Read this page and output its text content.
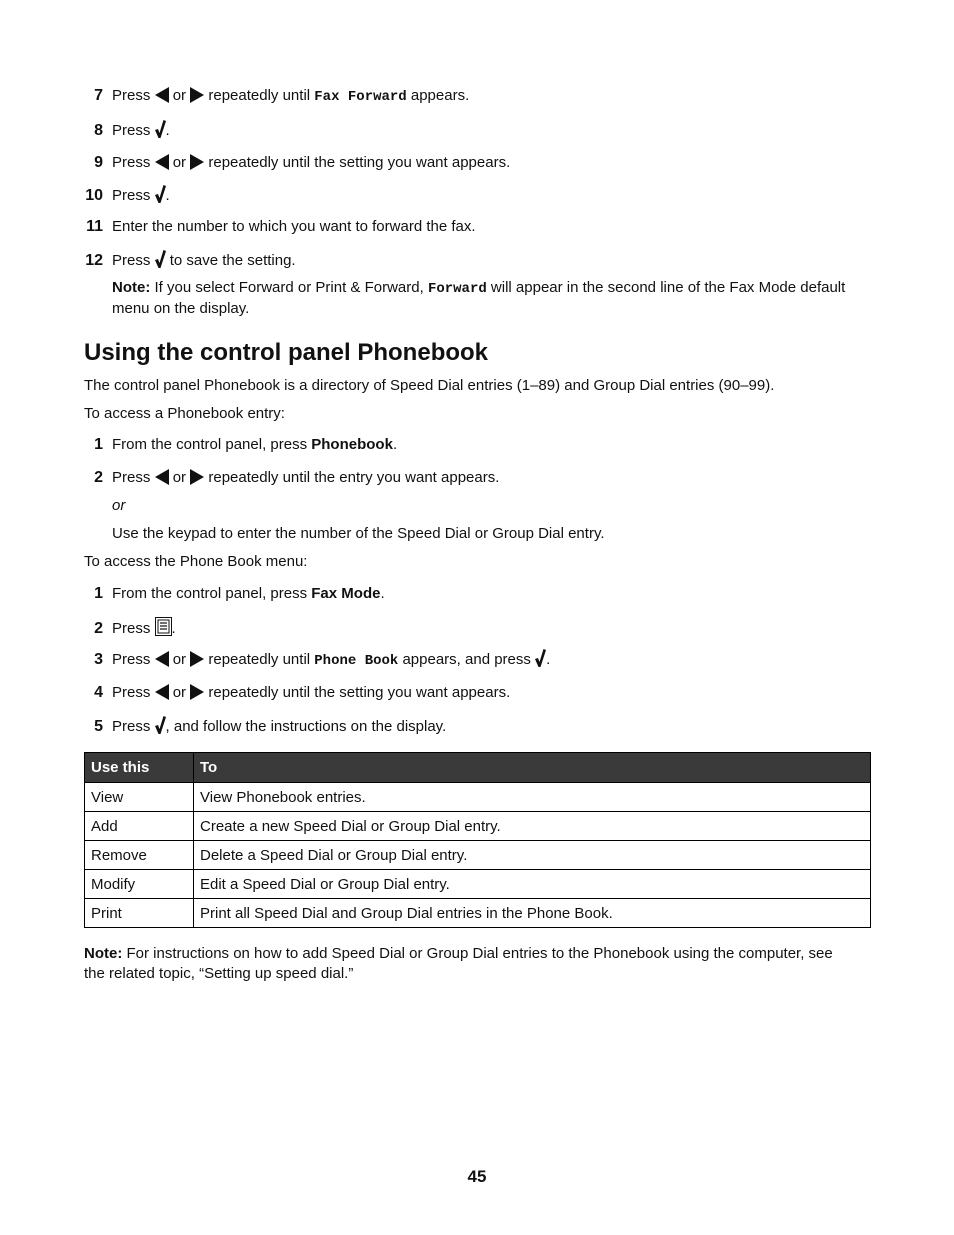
7 Press or repeatedly until Fax Forward appears.
8 Press .
9 Press or repeatedly until the setting you want appears.
10 Press .
11 Enter the number to which you want to forward the fax.
12 Press to save the setting.
Note: If you select Forward or Print & Forward, Forward will appear in the second line of the Fax Mode default
menu on the display.
Using the control panel Phonebook
The control panel Phonebook is a directory of Speed Dial entries (1–89) and Group Dial entries (90–99).
To access a Phonebook entry:
1 From the control panel, press Phonebook.
2 Press or repeatedly until the entry you want appears.
or
Use the keypad to enter the number of the Speed Dial or Group Dial entry.
To access the Phone Book menu:
1 From the control panel, press Fax Mode.
2 Press .
3 Press or repeatedly until Phone Book appears, and press .
4 Press or repeatedly until the setting you want appears.
5 Press , and follow the instructions on the display.
Use this	To
View	View Phonebook entries.
Add	Create a new Speed Dial or Group Dial entry.
Remove	Delete a Speed Dial or Group Dial entry.
Modify	Edit a Speed Dial or Group Dial entry.
Print	Print all Speed Dial and Group Dial entries in the Phone Book.
Note: For instructions on how to add Speed Dial or Group Dial entries to the Phonebook using the computer, see
the related topic, “Setting up speed dial.”
45
